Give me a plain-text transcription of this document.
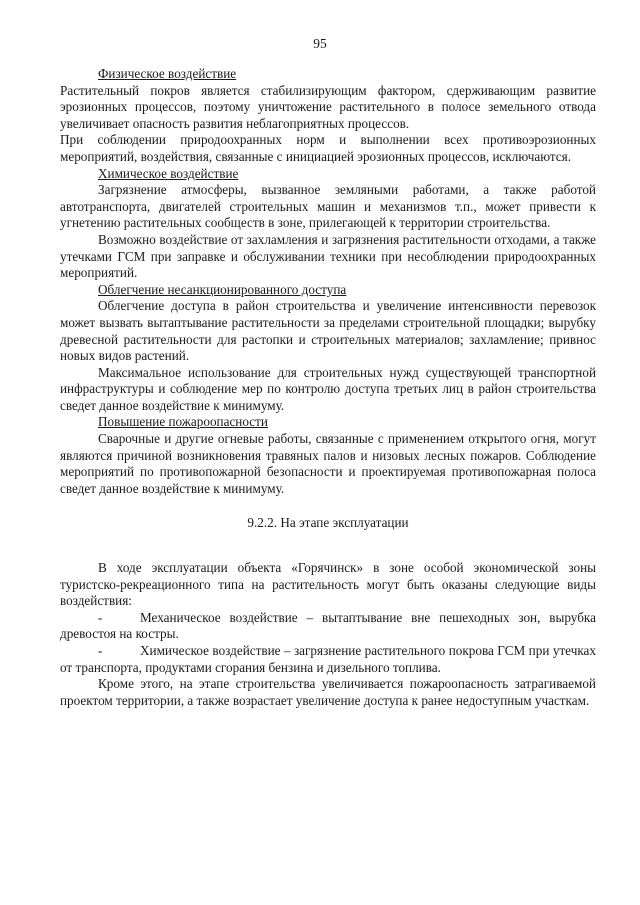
95

Физическое воздействие

Растительный покров является стабилизирующим фактором, сдерживающим развитие эрозионных процессов, поэтому уничтожение растительного в полосе земельного отвода увеличивает опасность развития неблагоприятных процессов.

При соблюдении природоохранных норм и выполнении всех противоэрозионных мероприятий, воздействия, связанные с инициацией эрозионных процессов, исключаются.

Химическое воздействие

Загрязнение атмосферы, вызванное земляными работами, а также работой автотранспорта, двигателей строительных машин и механизмов т.п., может привести к угнетению растительных сообществ в зоне, прилегающей к территории строительства.

Возможно воздействие от захламления и загрязнения растительности отходами, а также утечками ГСМ при заправке и обслуживании техники при несоблюдении природоохранных мероприятий.

Облегчение несанкционированного доступа

Облегчение доступа в район строительства и увеличение интенсивности перевозок может вызвать вытаптывание растительности за пределами строительной площадки; вырубку древесной растительности для растопки и строительных материалов; захламление; привнос новых видов растений.

Максимальное использование для строительных нужд существующей транспортной инфраструктуры и соблюдение мер по контролю доступа третьих лиц в район строительства сведет данное воздействие к минимуму.

Повышение пожароопасности

Сварочные и другие огневые работы, связанные с применением открытого огня, могут являются причиной возникновения травяных палов и низовых лесных пожаров. Соблюдение мероприятий по противопожарной безопасности и проектируемая противопожарная полоса сведет данное воздействие к минимуму.

9.2.2. На этапе эксплуатации

В ходе эксплуатации объекта «Горячинск» в зоне особой экономической зоны туристско-рекреационного типа на растительность могут быть оказаны следующие виды воздействия:

-	Механическое воздействие – вытаптывание вне пешеходных зон, вырубка древостоя на костры.

-	Химическое воздействие – загрязнение растительного покрова ГСМ при утечках от транспорта, продуктами сгорания бензина и дизельного топлива.

Кроме этого, на этапе строительства увеличивается пожароопасность затрагиваемой проектом территории, а также возрастает увеличение доступа к ранее недоступным участкам.
